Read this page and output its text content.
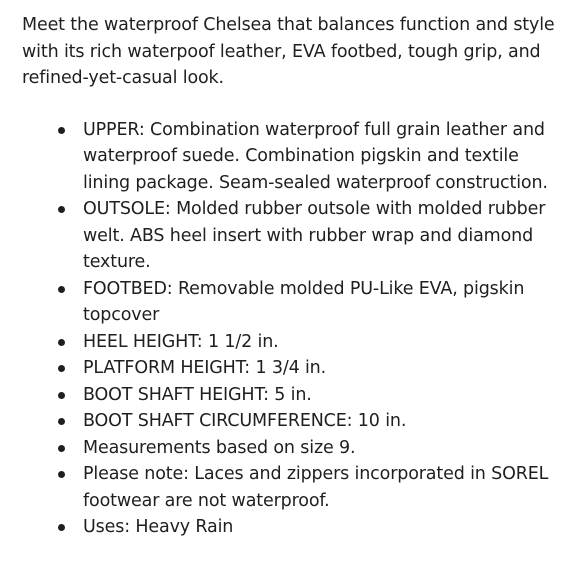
Meet the waterproof Chelsea that balances function and style with its rich waterpoof leather, EVA footbed, tough grip, and refined-yet-casual look.

UPPER: Combination waterproof full grain leather and waterproof suede. Combination pigskin and textile lining package. Seam-sealed waterproof construction.
OUTSOLE: Molded rubber outsole with molded rubber welt. ABS heel insert with rubber wrap and diamond texture.
FOOTBED: Removable molded PU-Like EVA, pigskin topcover
HEEL HEIGHT: 1 1/2 in.
PLATFORM HEIGHT: 1 3/4 in.
BOOT SHAFT HEIGHT: 5 in.
BOOT SHAFT CIRCUMFERENCE: 10 in.
Measurements based on size 9.
Please note: Laces and zippers incorporated in SOREL footwear are not waterproof.
Uses: Heavy Rain
